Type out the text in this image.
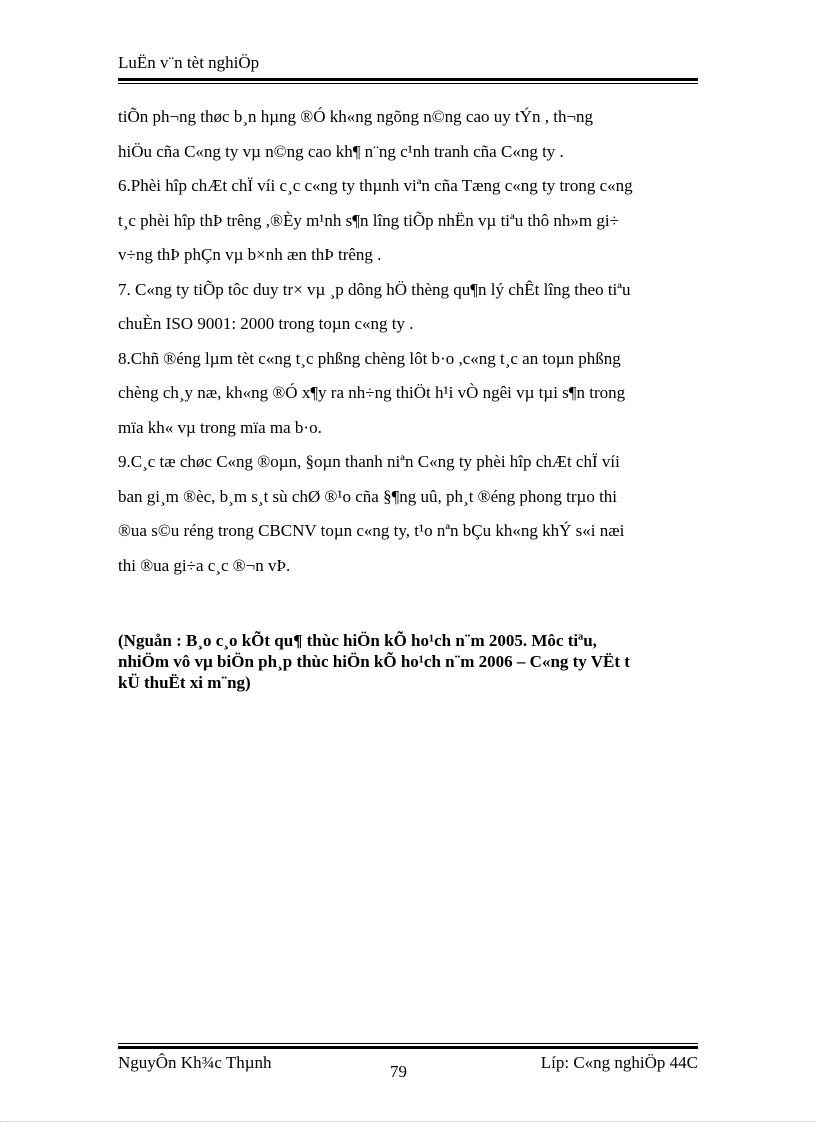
LuËn v¨n tèt nghiÖp
tiÕn ph¬ng thøc b¸n hµng ®Ó kh«ng ngõng n©ng cao uy tÝn , th¬ng
hiÖu cña C«ng ty vµ n©ng cao kh¶ n¨ng c¹nh tranh cña C«ng ty .
6.Phèi hîp chÆt chÏ víi c¸c c«ng ty thµnh viªn cña Tæng c«ng ty trong c«ng
t¸c phèi hîp thÞ trêng ,®Èy m¹nh s¶n lîng tiÕp nhËn vµ tiªu thô nh»m gi÷
v÷ng thÞ phÇn vµ b×nh æn thÞ trêng .
7. C«ng ty tiÕp tôc duy tr× vµ ¸p dông hÖ thèng qu¶n lý chÊt lîng theo tiªu
chuÈn ISO 9001: 2000 trong toµn c«ng ty .
8.Chñ ®éng lµm tèt c«ng t¸c phßng chèng lôt b·o ,c«ng t¸c an toµn phßng
chèng ch¸y næ, kh«ng ®Ó x¶y ra nh÷ng thiÖt h¹i vÒ ngêi vµ tµi s¶n trong
mïa kh« vµ trong mïa ma b·o.
9.C¸c tæ chøc C«ng ®oµn, §oµn thanh niªn C«ng ty phèi hîp chÆt chÏ víi
ban gi¸m ®èc, b¸m s¸t sù chØ ®¹o cña §¶ng uû, ph¸t ®éng phong trµo thi
®ua s©u réng trong CBCNV toµn c«ng ty, t¹o nªn bÇu kh«ng khÝ s«i næi
thi ®ua gi÷a c¸c ®¬n vÞ.
(Nguån : B¸o c¸o kÕt qu¶ thùc hiÖn kÕ ho¹ch n¨m 2005. Môc tiªu,
nhiÖm vô vµ biÖn ph¸p thùc hiÖn kÕ ho¹ch n¨m 2006 – C«ng ty VËt t
kÜ thuËt xi m¨ng)
NguyÔn Kh¾c Thµnh	79	Líp: C«ng nghiÖp 44C
